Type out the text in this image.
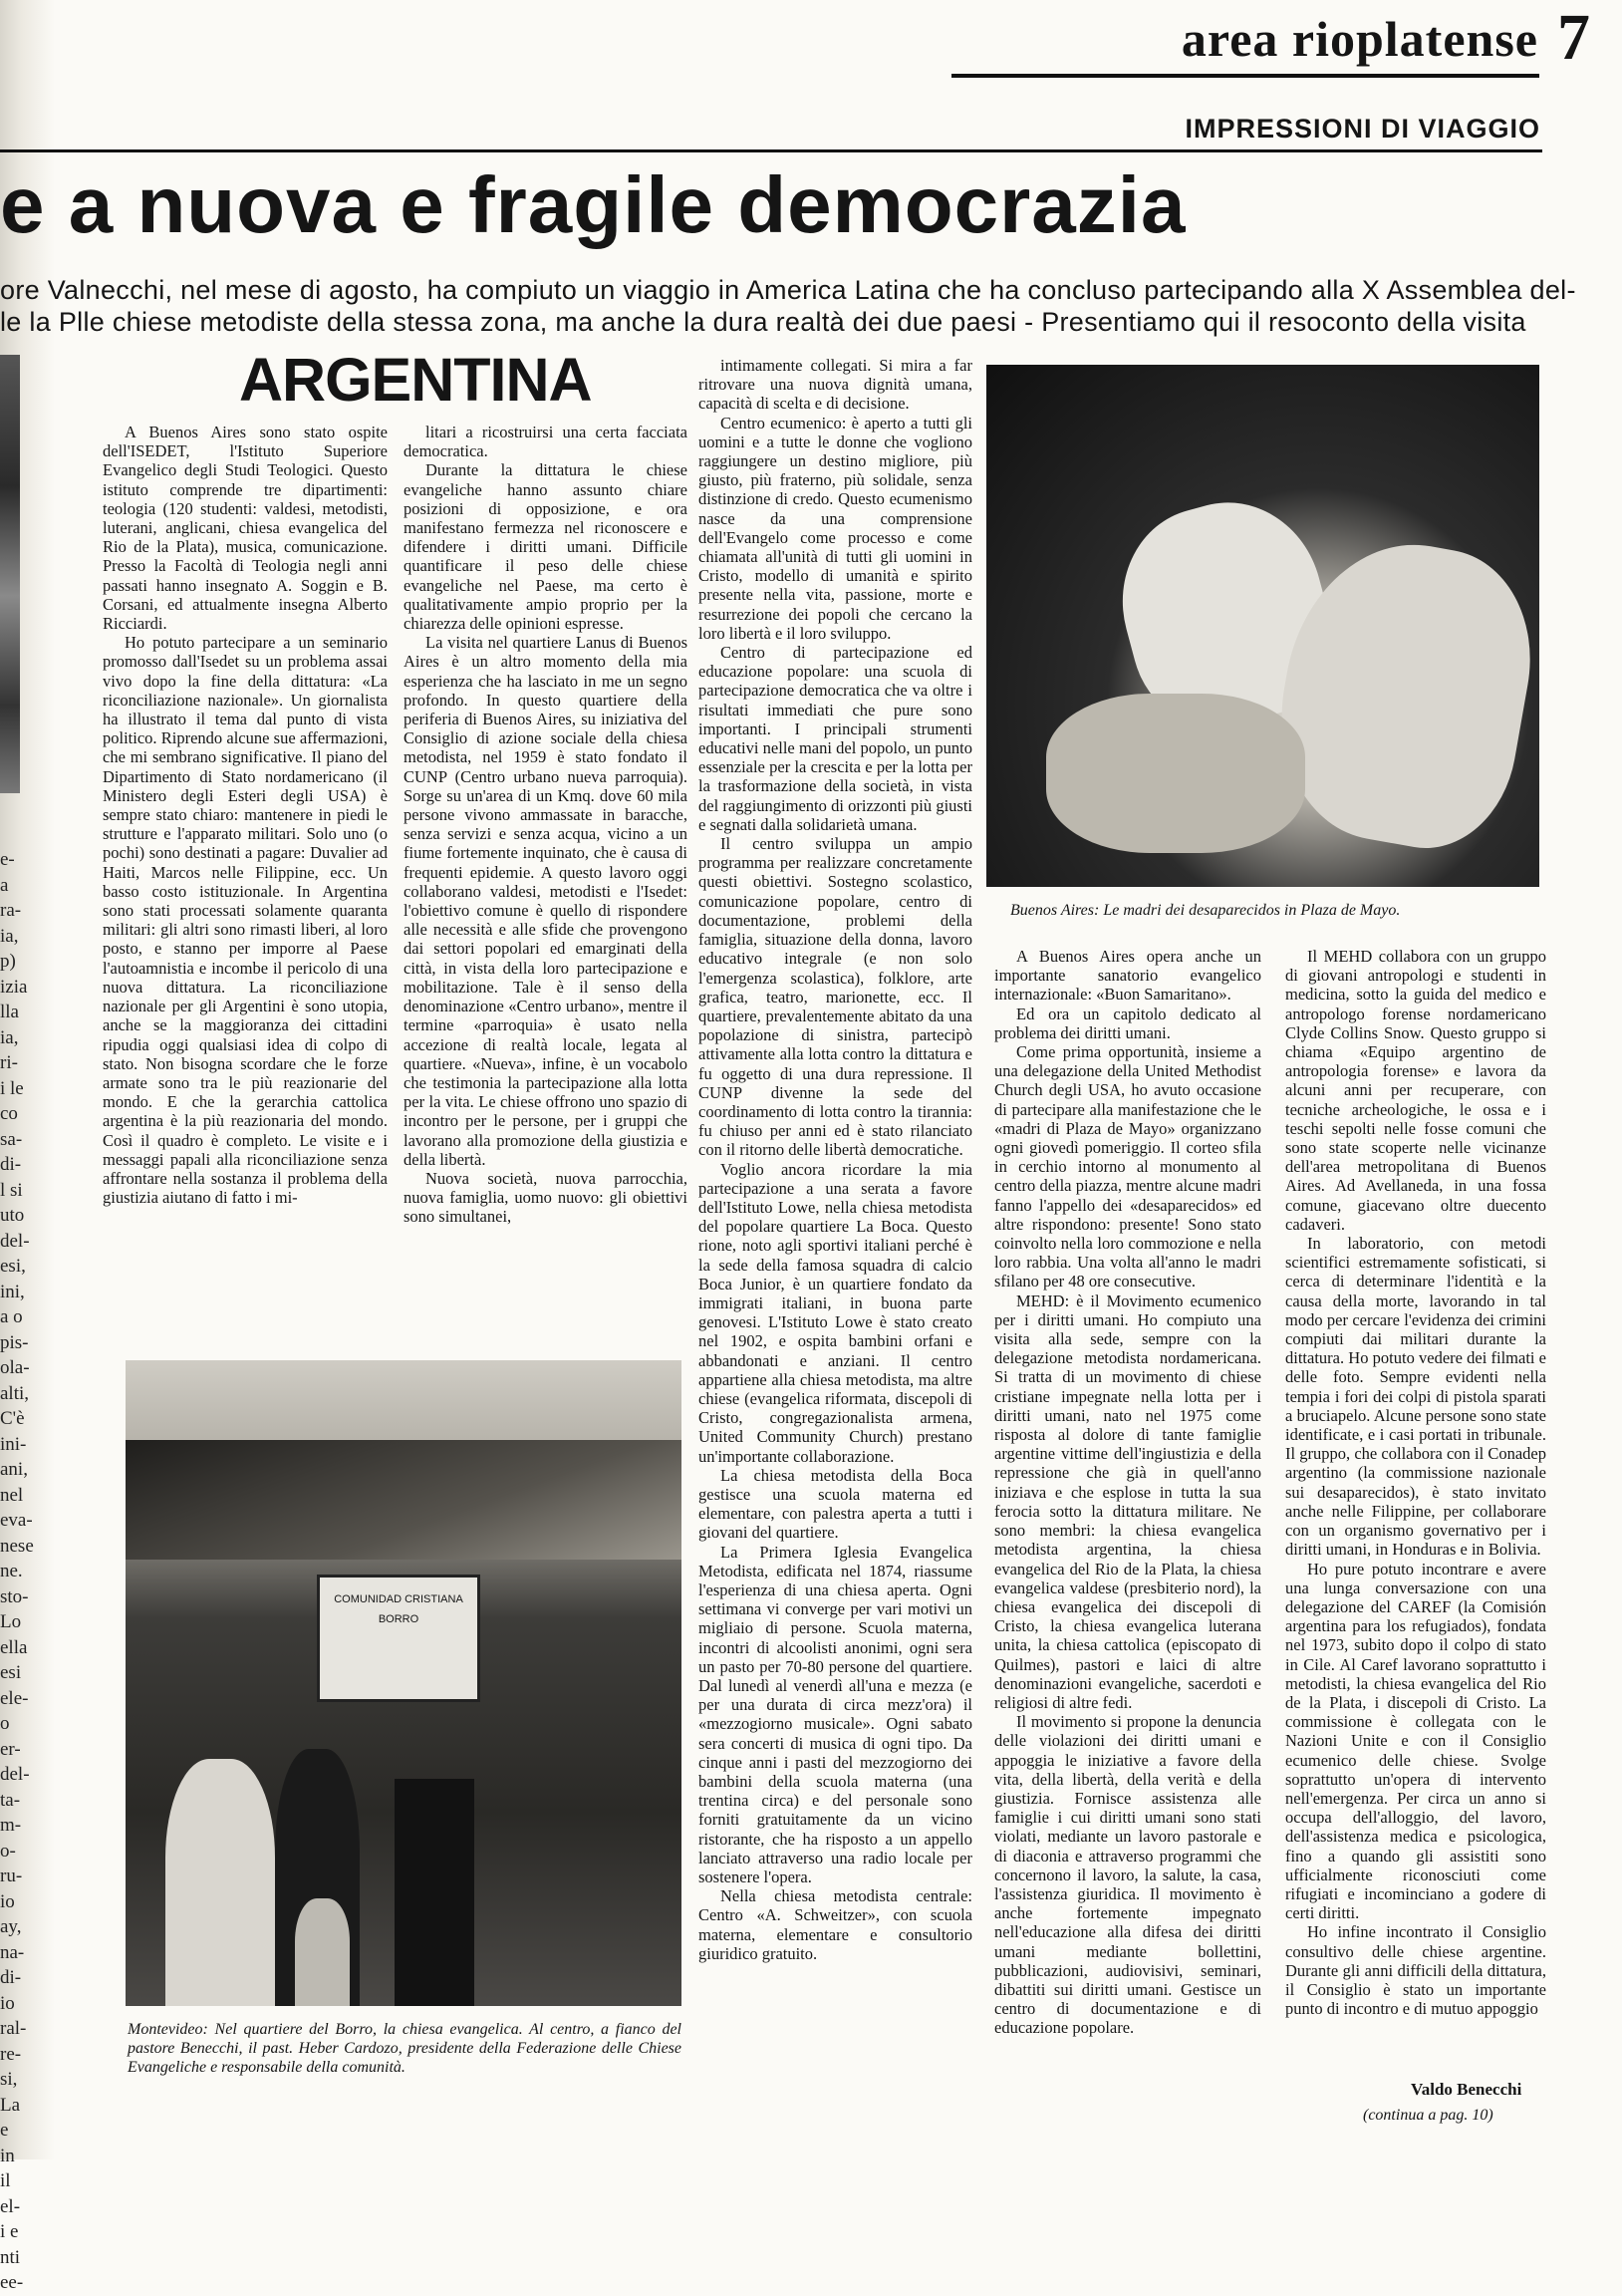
e-
a
ra-
ia,
p)
izia
lla
ia,
ri-
i le
co
sa-
di-
l si
uto
del-
esi,
ini,
a o
pis-
ola-
alti,
C'è
ini-
ani,
nel
eva-
nese
ne.
sto-
Lo
ella
esi
ele-
o
er-
del-
ta-
m-
o-
ru-
io
ay,
na-
di-
io
ral-
re-
si,
La
e
in
il
el-
i e
nti
ee-
area rioplatense 7
IMPRESSIONI DI VIAGGIO
e a nuova e fragile democrazia
ore Valnecchi, nel mese di agosto, ha compiuto un viaggio in America Latina che ha concluso partecipando alla X Assemblea del-
le la Plle chiese metodiste della stessa zona, ma anche la dura realtà dei due paesi - Presentiamo qui il resoconto della visita
ARGENTINA

A Buenos Aires sono stato ospite dell'ISEDET, l'Istituto Superiore Evangelico degli Studi Teologici. Questo istituto comprende tre dipartimenti: teologia (120 studenti: valdesi, metodisti, luterani, anglicani, chiesa evangelica del Rio de la Plata), musica, comunicazione. Presso la Facoltà di Teologia negli anni passati hanno insegnato A. Soggin e B. Corsani, ed attualmente insegna Alberto Ricciardi.

Ho potuto partecipare a un seminario promosso dall'Isedet su un problema assai vivo dopo la fine della dittatura: «La riconciliazione nazionale». Un giornalista ha illustrato il tema dal punto di vista politico. Riprendo alcune sue affermazioni, che mi sembrano significative. Il piano del Dipartimento di Stato nordamericano (il Ministero degli Esteri degli USA) è sempre stato chiaro: mantenere in piedi le strutture e l'apparato militari. Solo uno (o pochi) sono destinati a pagare: Duvalier ad Haiti, Marcos nelle Filippine, ecc. Un basso costo istituzionale. In Argentina sono stati processati solamente quaranta militari: gli altri sono rimasti liberi, al loro posto, e stanno per imporre al Paese l'autoamnistia e incombe il pericolo di una nuova dittatura. La riconciliazione nazionale per gli Argentini è sono utopia, anche se la maggioranza dei cittadini ripudia oggi qualsiasi idea di colpo di stato. Non bisogna scordare che le forze armate sono tra le più reazionarie del mondo. E che la gerarchia cattolica argentina è la più reazionaria del mondo. Così il quadro è completo. Le visite e i messaggi papali alla riconciliazione senza affrontare nella sostanza il problema della giustizia aiutano di fatto i mi-

litari a ricostruirsi una certa facciata democratica.

Durante la dittatura le chiese evangeliche hanno assunto chiare posizioni di opposizione, e ora manifestano fermezza nel riconoscere e difendere i diritti umani. Difficile quantificare il peso delle chiese evangeliche nel Paese, ma certo è qualitativamente ampio proprio per la chiarezza delle opinioni espresse.

La visita nel quartiere Lanus di Buenos Aires è un altro momento della mia esperienza che ha lasciato in me un segno profondo. In questo quartiere della periferia di Buenos Aires, su iniziativa del Consiglio di azione sociale della chiesa metodista, nel 1959 è stato fondato il CUNP (Centro urbano nueva parroquia). Sorge su un'area di un Kmq. dove 60 mila persone vivono ammassate in baracche, senza servizi e senza acqua, vicino a un fiume fortemente inquinato, che è causa di frequenti epidemie. A questo lavoro oggi collaborano valdesi, metodisti e l'Isedet: l'obiettivo comune è quello di rispondere alle necessità e alle sfide che provengono dai settori popolari ed emarginati della città, in vista della loro partecipazione e mobilitazione. Tale è il senso della denominazione «Centro urbano», mentre il termine «parroquia» è usato nella accezione di realtà locale, legata al quartiere. «Nueva», infine, è un vocabolo che testimonia la partecipazione alla lotta per la vita. Le chiese offrono uno spazio di incontro per le persone, per i gruppi che lavorano alla promozione della giustizia e della libertà.

Nuova società, nuova parrocchia, nuova famiglia, uomo nuovo: gli obiettivi sono simultanei,

intimamente collegati. Si mira a far ritrovare una nuova dignità umana, capacità di scelta e di decisione.

Centro ecumenico: è aperto a tutti gli uomini e a tutte le donne che vogliono raggiungere un destino migliore, più giusto, più fraterno, più solidale, senza distinzione di credo. Questo ecumenismo nasce da una comprensione dell'Evangelo come processo e come chiamata all'unità di tutti gli uomini in Cristo, modello di umanità e spirito presente nella vita, passione, morte e resurrezione dei popoli che cercano la loro libertà e il loro sviluppo.

Centro di partecipazione ed educazione popolare: una scuola di partecipazione democratica che va oltre i risultati immediati che pure sono importanti. I principali strumenti educativi nelle mani del popolo, un punto essenziale per la crescita e per la lotta per la trasformazione della società, in vista del raggiungimento di orizzonti più giusti e segnati dalla solidarietà umana.

Il centro sviluppa un ampio programma per realizzare concretamente questi obiettivi. Sostegno scolastico, comunicazione popolare, centro di documentazione, problemi della famiglia, situazione della donna, lavoro educativo integrale (e non solo l'emergenza scolastica), folklore, arte grafica, teatro, marionette, ecc. Il quartiere, prevalentemente abitato da una popolazione di sinistra, partecipò attivamente alla lotta contro la dittatura e fu oggetto di una dura repressione. Il CUNP divenne la sede del coordinamento di lotta contro la tirannia: fu chiuso per anni ed è stato rilanciato con il ritorno delle libertà democratiche.

Voglio ancora ricordare la mia partecipazione a una serata a favore dell'Istituto Lowe, nella chiesa metodista del popolare quartiere La Boca. Questo rione, noto agli sportivi italiani perché è la sede della famosa squadra di calcio Boca Junior, è un quartiere fondato da immigrati italiani, in buona parte genovesi. L'Istituto Lowe è stato creato nel 1902, e ospita bambini orfani e abbandonati e anziani. Il centro appartiene alla chiesa metodista, ma altre chiese (evangelica riformata, discepoli di Cristo, congregazionalista armena, United Community Church) prestano un'importante collaborazione.

La chiesa metodista della Boca gestisce una scuola materna ed elementare, con palestra aperta a tutti i giovani del quartiere.

La Primera Iglesia Evangelica Metodista, edificata nel 1874, riassume l'esperienza di una chiesa aperta. Ogni settimana vi converge per vari motivi un migliaio di persone. Scuola materna, incontri di alcoolisti anonimi, ogni sera un pasto per 70-80 persone del quartiere. Dal lunedì al venerdì all'una e mezza (e per una durata di circa mezz'ora) il «mezzogiorno musicale». Ogni sabato sera concerti di musica di ogni tipo. Da cinque anni i pasti del mezzogiorno dei bambini della scuola materna (una trentina circa) e del personale sono forniti gratuitamente da un vicino ristorante, che ha risposto a un appello lanciato attraverso una radio locale per sostenere l'opera.

Nella chiesa metodista centrale: Centro «A. Schweitzer», con scuola materna, elementare e consultorio giuridico gratuito.

A Buenos Aires opera anche un importante sanatorio evangelico internazionale: «Buon Samaritano».

Ed ora un capitolo dedicato al problema dei diritti umani.

Come prima opportunità, insieme a una delegazione della United Methodist Church degli USA, ho avuto occasione di partecipare alla manifestazione che le «madri di Plaza de Mayo» organizzano ogni giovedì pomeriggio. Il corteo sfila in cerchio intorno al monumento al centro della piazza, mentre alcune madri fanno l'appello dei «desaparecidos» ed altre rispondono: presente! Sono stato coinvolto nella loro commozione e nella loro rabbia. Una volta all'anno le madri sfilano per 48 ore consecutive.

MEHD: è il Movimento ecumenico per i diritti umani. Ho compiuto una visita alla sede, sempre con la delegazione metodista nordamericana. Si tratta di un movimento di chiese cristiane impegnate nella lotta per i diritti umani, nato nel 1975 come risposta al dolore di tante famiglie argentine vittime dell'ingiustizia e della repressione che già in quell'anno iniziava e che esplose in tutta la sua ferocia sotto la dittatura militare. Ne sono membri: la chiesa evangelica metodista argentina, la chiesa evangelica del Rio de la Plata, la chiesa evangelica valdese (presbiterio nord), la chiesa evangelica dei discepoli di Cristo, la chiesa evangelica luterana unita, la chiesa cattolica (episcopato di Quilmes), pastori e laici di altre denominazioni evangeliche, sacerdoti e religiosi di altre fedi.

Il movimento si propone la denuncia delle violazioni dei diritti umani e appoggia le iniziative a favore della vita, della libertà, della verità e della giustizia. Fornisce assistenza alle famiglie i cui diritti umani sono stati violati, mediante un lavoro pastorale e di diaconia e attraverso programmi che concernono il lavoro, la salute, la casa, l'assistenza giuridica. Il movimento è anche fortemente impegnato nell'educazione alla difesa dei diritti umani mediante bollettini, pubblicazioni, audiovisivi, seminari, dibattiti sui diritti umani. Gestisce un centro di documentazione e di educazione popolare.

Il MEHD collabora con un gruppo di giovani antropologi e studenti in medicina, sotto la guida del medico e antropologo forense nordamericano Clyde Collins Snow. Questo gruppo si chiama «Equipo argentino de antropologia forense» e lavora da alcuni anni per recuperare, con tecniche archeologiche, le ossa e i teschi sepolti nelle fosse comuni che sono state scoperte nelle vicinanze dell'area metropolitana di Buenos Aires. Ad Avellaneda, in una fossa comune, giacevano oltre duecento cadaveri.

In laboratorio, con metodi scientifici estremamente sofisticati, si cerca di determinare l'identità e la causa della morte, lavorando in tal modo per cercare l'evidenza dei crimini compiuti dai militari durante la dittatura. Ho potuto vedere dei filmati e delle foto. Sempre evidenti nella tempia i fori dei colpi di pistola sparati a bruciapelo. Alcune persone sono state identificate, e i casi portati in tribunale. Il gruppo, che collabora con il Conadep argentino (la commissione nazionale sui desaparecidos), è stato invitato anche nelle Filippine, per collaborare con un organismo governativo per i diritti umani, in Honduras e in Bolivia.

Ho pure potuto incontrare e avere una lunga conversazione con una delegazione del CAREF (la Comisión argentina para los refugiados), fondata nel 1973, subito dopo il colpo di stato in Cile. Al Caref lavorano soprattutto i metodisti, la chiesa evangelica del Rio de la Plata, i discepoli di Cristo. La commissione è collegata con le Nazioni Unite e con il Consiglio ecumenico delle chiese. Svolge soprattutto un'opera di intervento nell'emergenza. Per circa un anno si occupa dell'alloggio, del lavoro, dell'assistenza medica e psicologica, fino a quando gli assistiti sono ufficialmente riconosciuti come rifugiati e incominciano a godere di certi diritti.

Ho infine incontrato il Consiglio consultivo delle chiese argentine. Durante gli anni difficili della dittatura, il Consiglio è stato un importante punto di incontro e di mutuo appoggio

Buenos Aires: Le madri dei desaparecidos in Plaza de Mayo.
COMUNIDAD CRISTIANA BORRO
Montevideo: Nel quartiere del Borro, la chiesa evangelica. Al centro, a fianco del pastore Benecchi, il past. Heber Cardozo, presidente della Federazione delle Chiese Evangeliche e responsabile della comunità.
Valdo Benecchi
(continua a pag. 10)
